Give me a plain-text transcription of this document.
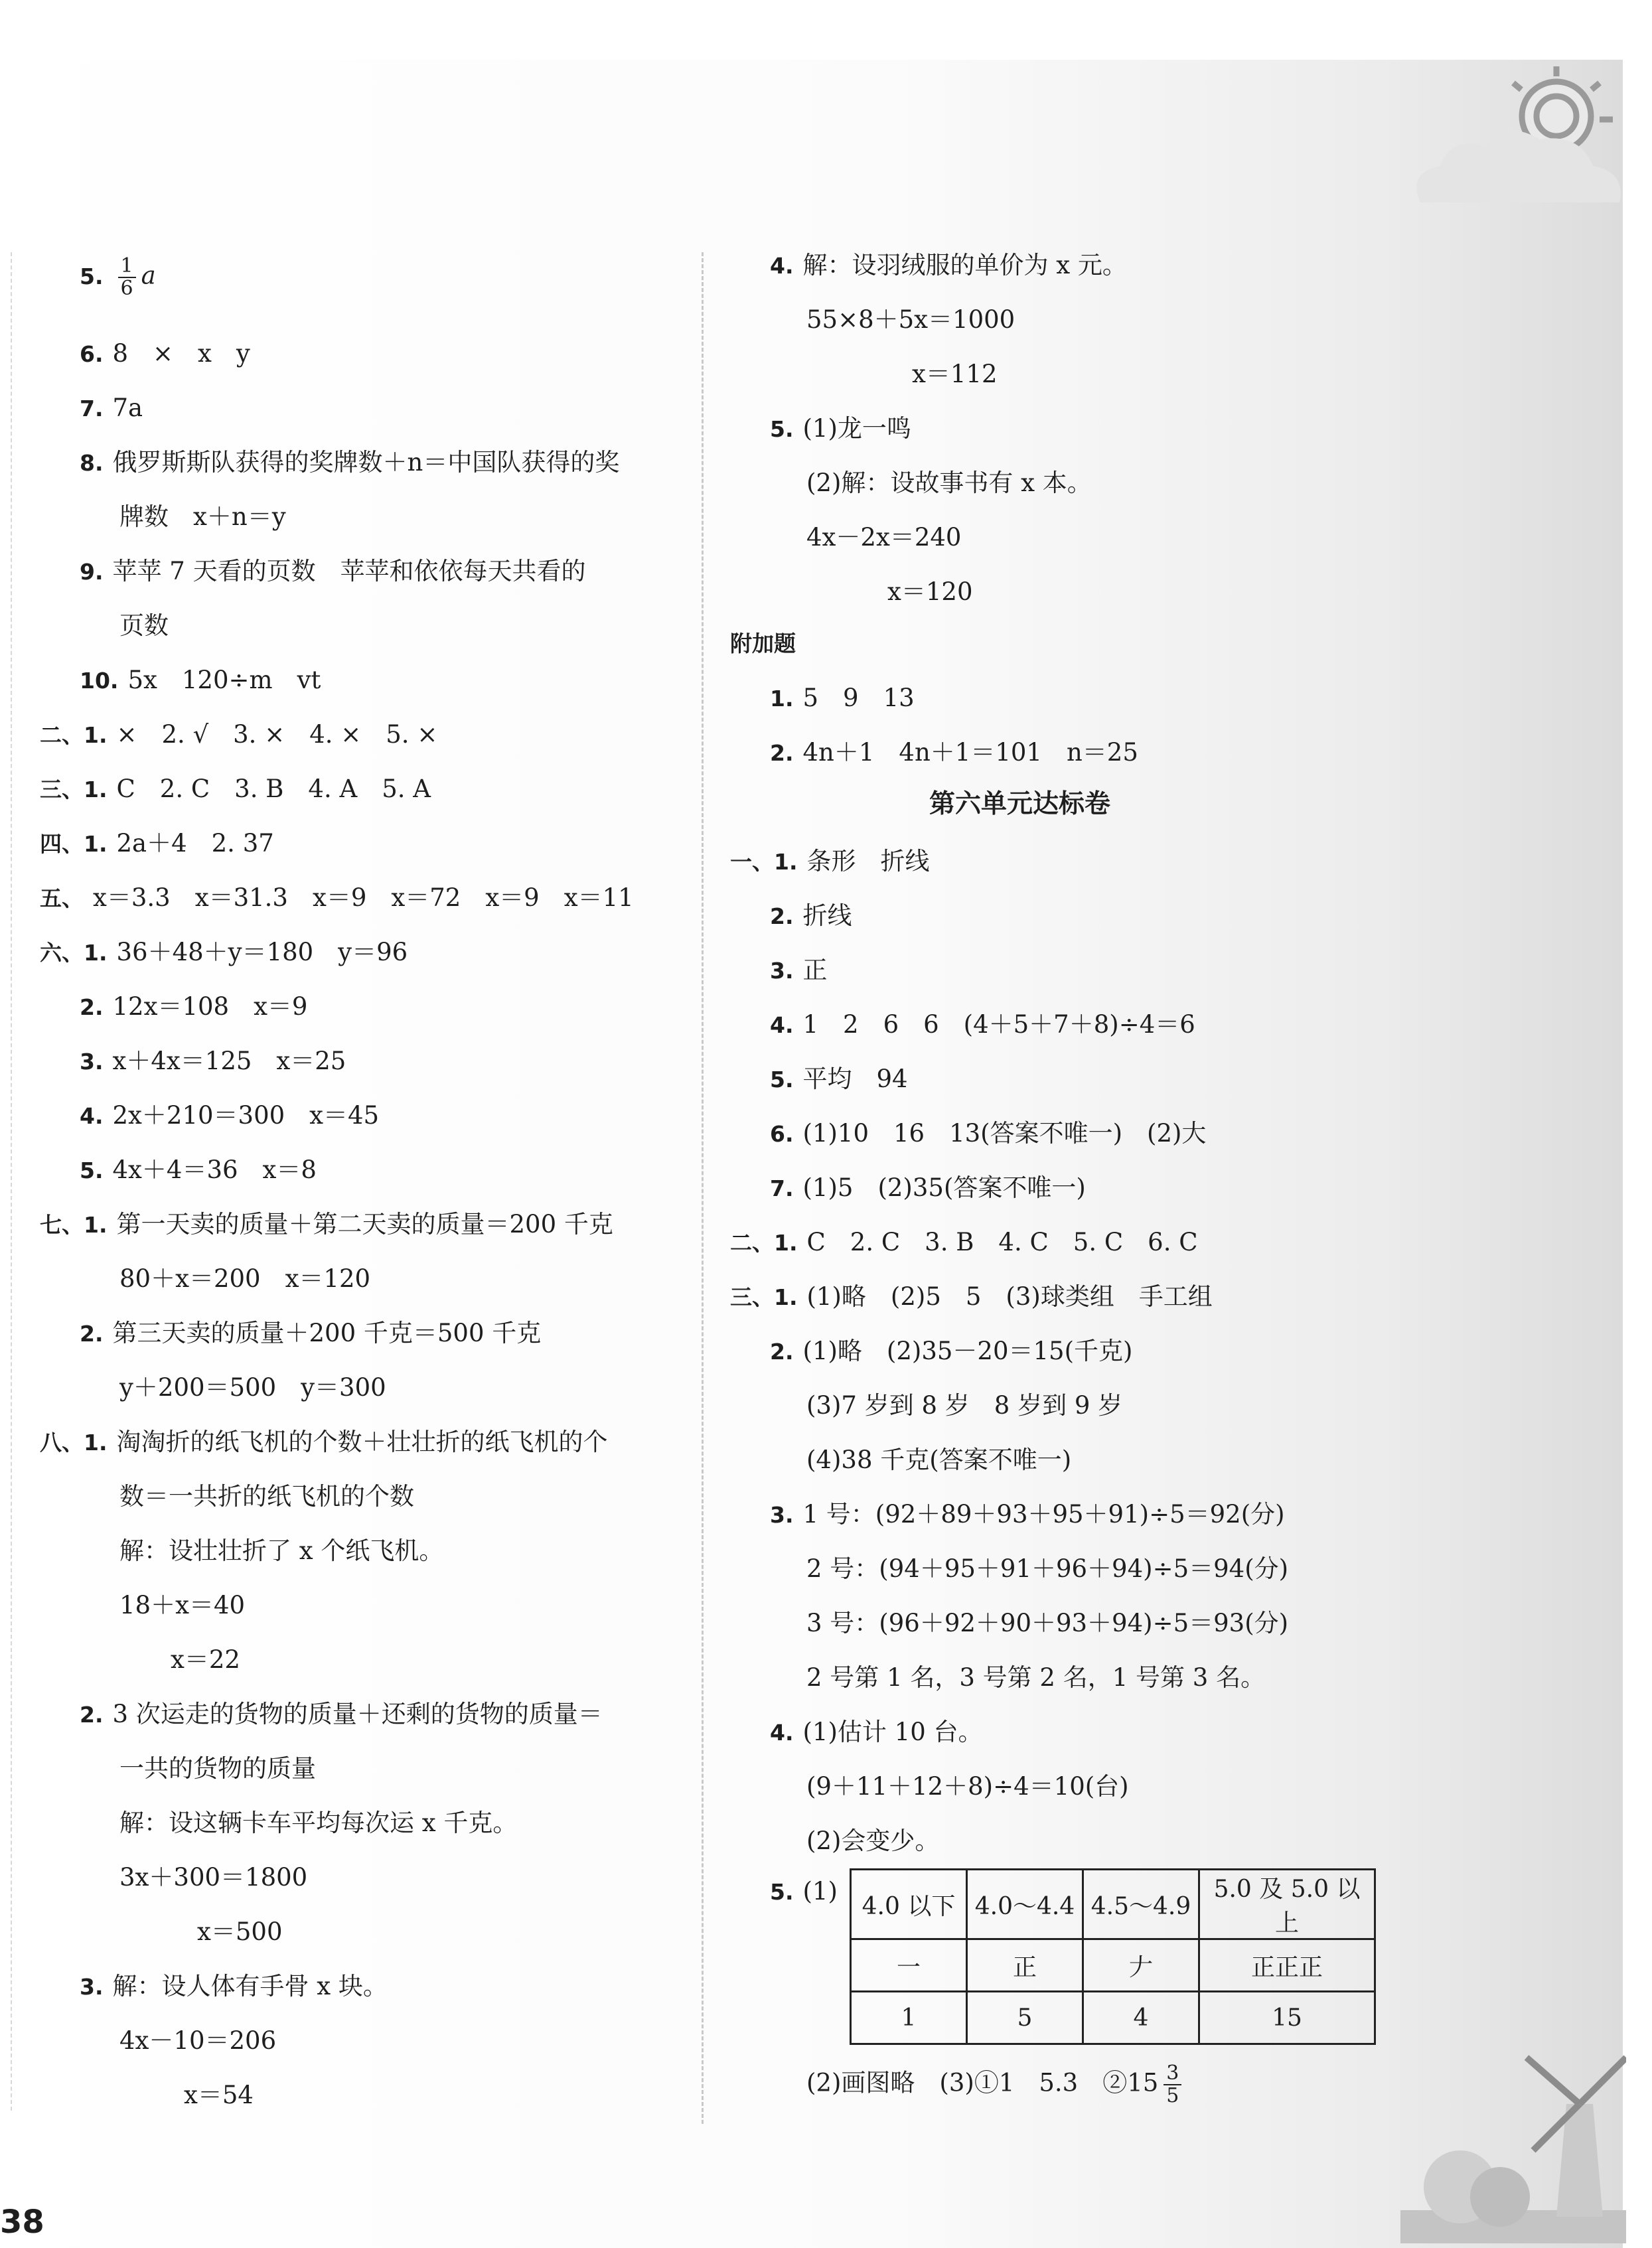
5. $\frac{1}{6}$ a
6. 8　×　x　y
7. 7a
8. 俄罗斯斯队获得的奖牌数＋n＝中国队获得的奖
牌数　x＋n＝y
9. 苹苹 7 天看的页数　苹苹和依依每天共看的
页数
10. 5x　120÷m　vt
二、1. ×　2. √　3. ×　4. ×　5. ×
三、1. C　2. C　3. B　4. A　5. A
四、1. 2a＋4　2. 37
五、 x＝3.3　x＝31.3　x＝9　x＝72　x＝9　x＝11
六、1. 36＋48＋y＝180　y＝96
2. 12x＝108　x＝9
3. x＋4x＝125　x＝25
4. 2x＋210＝300　x＝45
5. 4x＋4＝36　x＝8
七、1. 第一天卖的质量＋第二天卖的质量＝200 千克
80＋x＝200　x＝120
2. 第三天卖的质量＋200 千克＝500 千克
y＋200＝500　y＝300
八、1. 淘淘折的纸飞机的个数＋壮壮折的纸飞机的个
数＝一共折的纸飞机的个数
解：设壮壮折了 x 个纸飞机。
18＋x＝40
　x＝22
2. 3 次运走的货物的质量＋还剩的货物的质量＝
一共的货物的质量
解：设这辆卡车平均每次运 x 千克。
3x＋300＝1800
　x＝500
3. 解：设人体有手骨 x 块。
4x－10＝206
　x＝54
4. 解：设羽绒服的单价为 x 元。
55×8＋5x＝1000
　　x＝112
5. (1)龙一鸣
(2)解：设故事书有 x 本。
4x－2x＝240
　x＝120
附加题
1. 5　9　13
2. 4n＋1　4n＋1＝101　n＝25
第六单元达标卷
一、1. 条形　折线
2. 折线
3. 正
4. 1　2　6　6　(4＋5＋7＋8)÷4＝6
5. 平均　94
6. (1)10　16　13(答案不唯一)　(2)大
7. (1)5　(2)35(答案不唯一)
二、1. C　2. C　3. B　4. C　5. C　6. C
三、1. (1)略　(2)5　5　(3)球类组　手工组
2. (1)略　(2)35－20＝15(千克)
(3)7 岁到 8 岁　8 岁到 9 岁
(4)38 千克(答案不唯一)
3. 1 号：(92＋89＋93＋95＋91)÷5＝92(分)
2 号：(94＋95＋91＋96＋94)÷5＝94(分)
3 号：(96＋92＋90＋93＋94)÷5＝93(分)
2 号第 1 名，3 号第 2 名，1 号第 3 名。
4. (1)估计 10 台。
(9＋11＋12＋8)÷4＝10(台)
(2)会变少。
5. (1)
4.0 以下	4.0～4.4	4.5～4.9	5.0 及 5.0 以上
一	正	𠂇	正正正
1	5	4	15
(2)画图略　(3)①1　5.3　②15 $\frac{3}{5}$
38
